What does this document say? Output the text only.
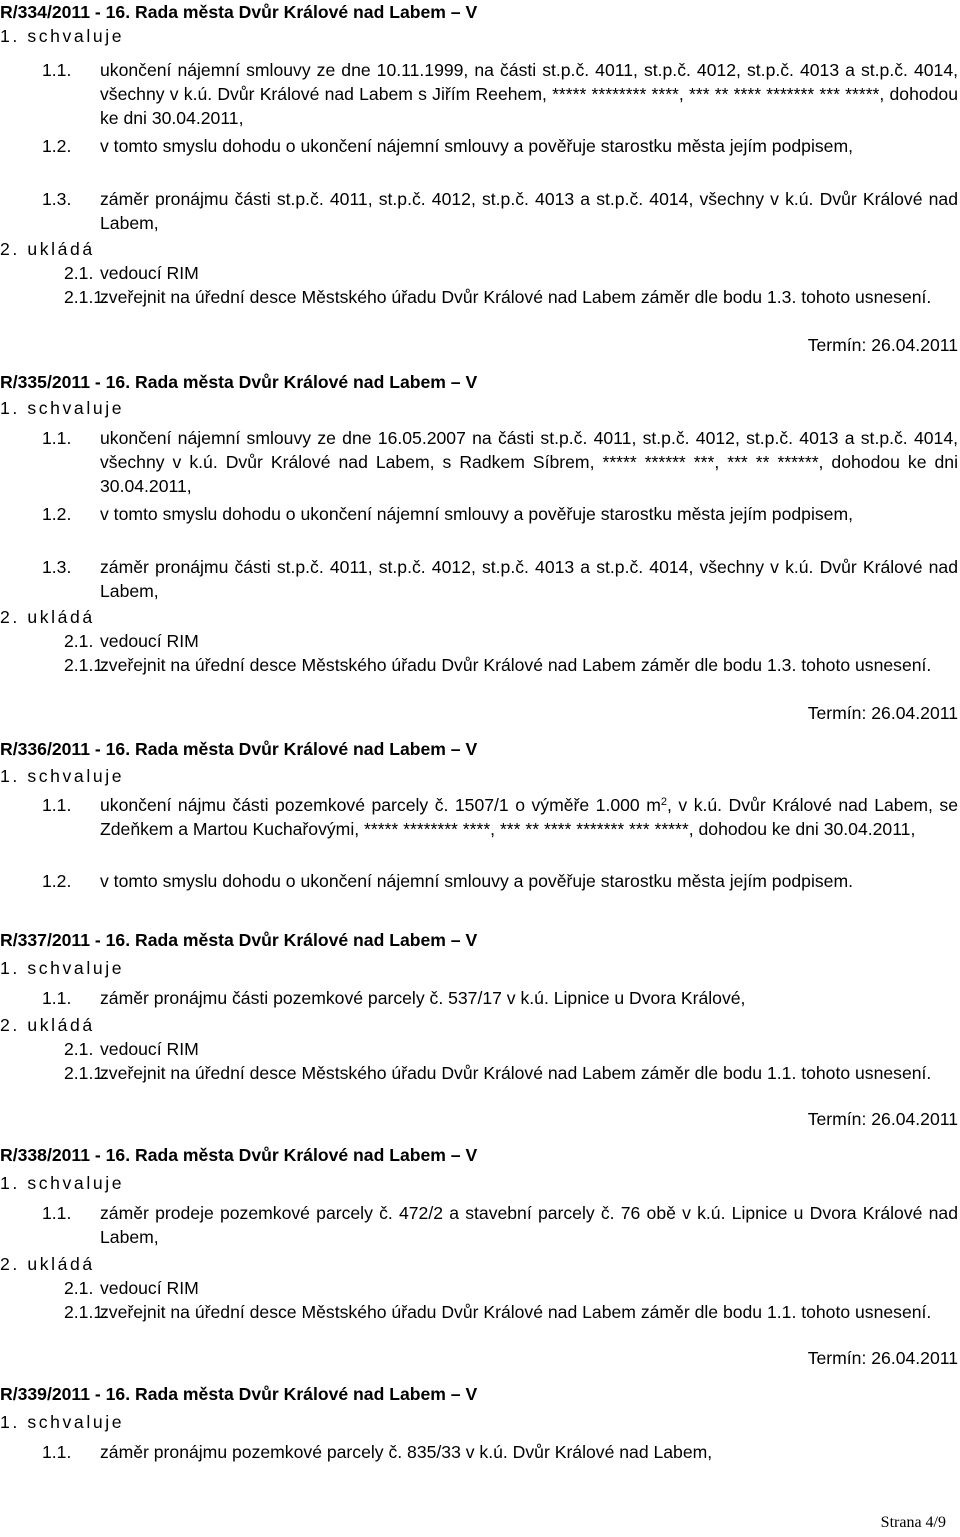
R/334/2011 - 16. Rada města Dvůr Králové nad Labem – V
1. schvaluje
1.1. ukončení nájemní smlouvy ze dne 10.11.1999, na části st.p.č. 4011, st.p.č. 4012, st.p.č. 4013 a st.p.č. 4014, všechny v k.ú. Dvůr Králové nad Labem s Jiřím Reehem, ***** ******** ****, *** ** **** ******* *** *****, dohodou ke dni 30.04.2011,
1.2. v tomto smyslu dohodu o ukončení nájemní smlouvy a pověřuje starostku města jejím podpisem,
1.3. záměr pronájmu části st.p.č. 4011, st.p.č. 4012, st.p.č. 4013 a st.p.č. 4014, všechny v k.ú. Dvůr Králové nad Labem,
2. ukládá
2.1. vedoucí RIM
2.1.1.
zveřejnit na úřední desce Městského úřadu Dvůr Králové nad Labem záměr dle bodu 1.3. tohoto usnesení.
Termín: 26.04.2011
R/335/2011 - 16. Rada města Dvůr Králové nad Labem – V
1. schvaluje
1.1. ukončení nájemní smlouvy ze dne 16.05.2007 na části st.p.č. 4011, st.p.č. 4012, st.p.č. 4013 a st.p.č. 4014, všechny v k.ú. Dvůr Králové nad Labem, s Radkem Síbrem, ***** ****** ***, *** ** ******, dohodou ke dni 30.04.2011,
1.2. v tomto smyslu dohodu o ukončení nájemní smlouvy a pověřuje starostku města jejím podpisem,
1.3. záměr pronájmu části st.p.č. 4011, st.p.č. 4012, st.p.č. 4013 a st.p.č. 4014, všechny v k.ú. Dvůr Králové nad Labem,
2. ukládá
2.1. vedoucí RIM
2.1.1.
zveřejnit na úřední desce Městského úřadu Dvůr Králové nad Labem záměr dle bodu 1.3. tohoto usnesení.
Termín: 26.04.2011
R/336/2011 - 16. Rada města Dvůr Králové nad Labem – V
1. schvaluje
1.1. ukončení nájmu části pozemkové parcely č. 1507/1 o výměře 1.000 $m^2$, v k.ú. Dvůr Králové nad Labem, se Zdeňkem a Martou Kuchařovými, ***** ******** ****, *** ** **** ******* *** *****, dohodou ke dni 30.04.2011,
1.2. v tomto smyslu dohodu o ukončení nájemní smlouvy a pověřuje starostku města jejím podpisem.
R/337/2011 - 16. Rada města Dvůr Králové nad Labem – V
1. schvaluje
1.1. záměr pronájmu části pozemkové parcely č. 537/17 v k.ú. Lipnice u Dvora Králové,
2. ukládá
2.1. vedoucí RIM
2.1.1.
zveřejnit na úřední desce Městského úřadu Dvůr Králové nad Labem záměr dle bodu 1.1. tohoto usnesení.
Termín: 26.04.2011
R/338/2011 - 16. Rada města Dvůr Králové nad Labem – V
1. schvaluje
1.1. záměr prodeje pozemkové parcely č. 472/2 a stavební parcely č. 76 obě v k.ú. Lipnice u Dvora Králové nad Labem,
2. ukládá
2.1. vedoucí RIM
2.1.1.
zveřejnit na úřední desce Městského úřadu Dvůr Králové nad Labem záměr dle bodu 1.1. tohoto usnesení.
Termín: 26.04.2011
R/339/2011 - 16. Rada města Dvůr Králové nad Labem – V
1. schvaluje
1.1. záměr pronájmu pozemkové parcely č. 835/33 v k.ú. Dvůr Králové nad Labem,
Strana 4/9
